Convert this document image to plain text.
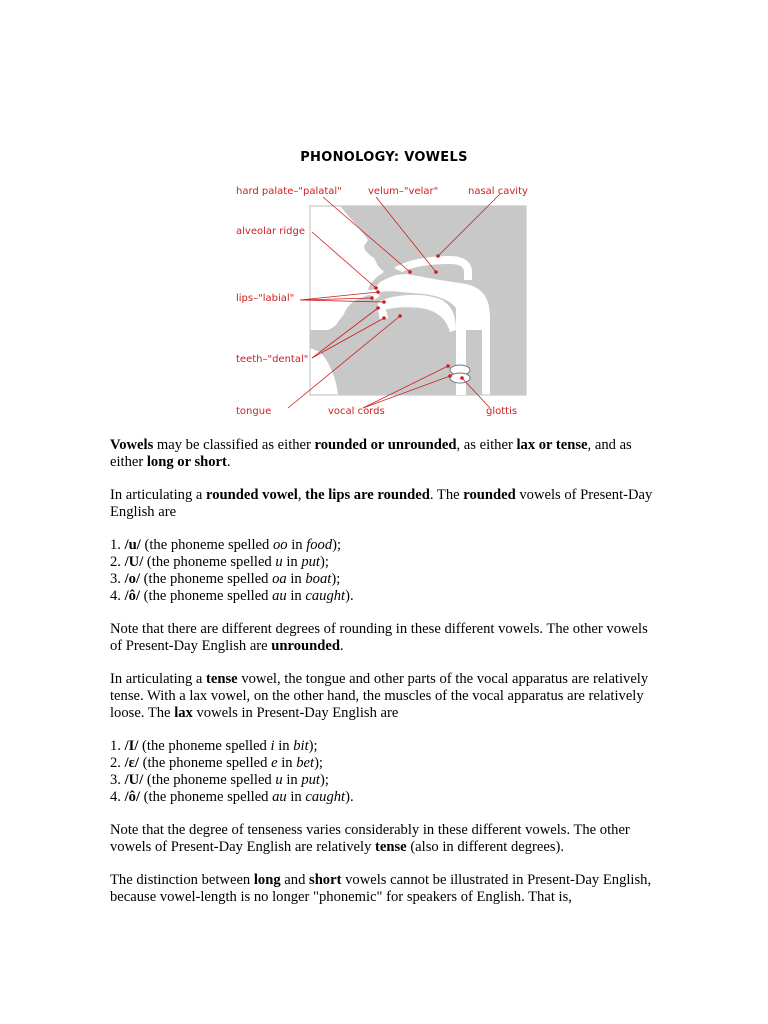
PHONOLOGY: VOWELS
hard palate–"palatal"	velum–"velar"	nasal cavity
alveolar ridge
lips–"labial"
teeth–"dental"
tongue	vocal cords	glottis

Vowels may be classified as either rounded or unrounded, as either lax or tense, and as either long or short.

In articulating a rounded vowel, the lips are rounded. The rounded vowels of Present-Day English are

1. /u/ (the phoneme spelled oo in food);
2. /U/ (the phoneme spelled u in put);
3. /o/ (the phoneme spelled oa in boat);
4. /ô/ (the phoneme spelled au in caught).

Note that there are different degrees of rounding in these different vowels. The other vowels of Present-Day English are unrounded.

In articulating a tense vowel, the tongue and other parts of the vocal apparatus are relatively tense. With a lax vowel, on the other hand, the muscles of the vocal apparatus are relatively loose. The lax vowels in Present-Day English are

1. /I/ (the phoneme spelled i in bit);
2. /ε/ (the phoneme spelled e in bet);
3. /U/ (the phoneme spelled u in put);
4. /ô/ (the phoneme spelled au in caught).

Note that the degree of tenseness varies considerably in these different vowels. The other vowels of Present-Day English are relatively tense (also in different degrees).

The distinction between long and short vowels cannot be illustrated in Present-Day English, because vowel-length is no longer "phonemic" for speakers of English. That is,
